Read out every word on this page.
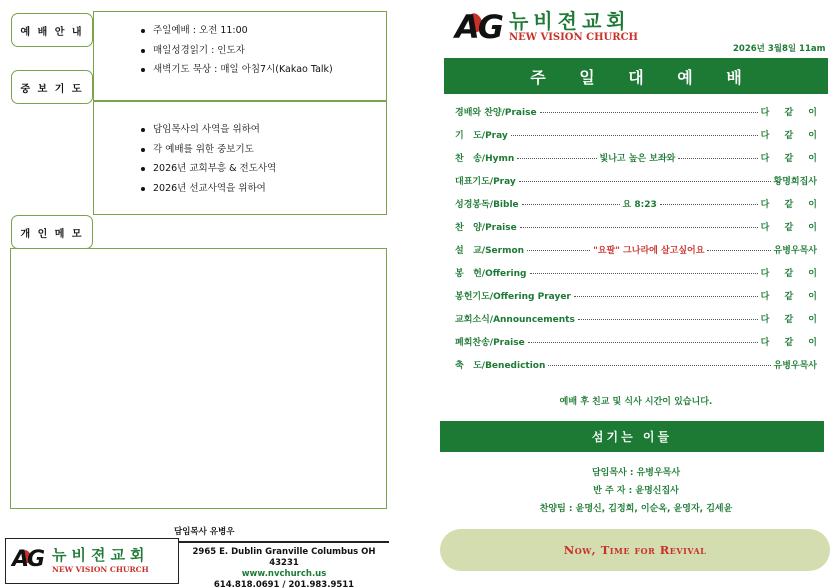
예 배 안 내
중 보 기 도
개 인 메 모
주일예배 : 오전 11:00
매일성경읽기 : 인도자
새벽기도 묵상 : 매일 아침7시(Kakao Talk)
담임목사의 사역을 위하여
각 예배를 위한 중보기도
2026년 교회부흥 & 전도사역
2026년 선교사역을 위하여
담임목사 유병우
AG 뉴비젼교회
NEW VISION CHURCH
2965 E. Dublin Granville Columbus OH 43231
www.nvchurch.us
614.818.0691 / 201.983.9511
AG 뉴비젼교회
NEW VISION CHURCH
2026년 3월8일 11am
주 일 대 예 배
경배와 찬양/Praise	다 같 이
기   도/Pray	다 같 이
찬   송/Hymn	빛나고 높은 보좌와	다 같 이
대표기도/Pray	황명희집사
성경봉독/Bible	요 8:23	다 같 이
찬   양/Praise	다 같 이
설   교/Sermon	"요팔" 그나라에 살고싶어요	유병우목사
봉   헌/Offering	다 같 이
봉헌기도/Offering Prayer	다 같 이
교회소식/Announcements	다 같 이
폐회찬송/Praise	다 같 이
축   도/Benediction	유병우목사
예배 후 친교 및 식사 시간이 있습니다.
섬기는 이들
담임목사 : 유병우목사
반 주 자 : 윤명신집사
찬양팀 : 윤명신, 김정희, 이순옥, 윤영자, 김세윤
Now, Time for Revival
